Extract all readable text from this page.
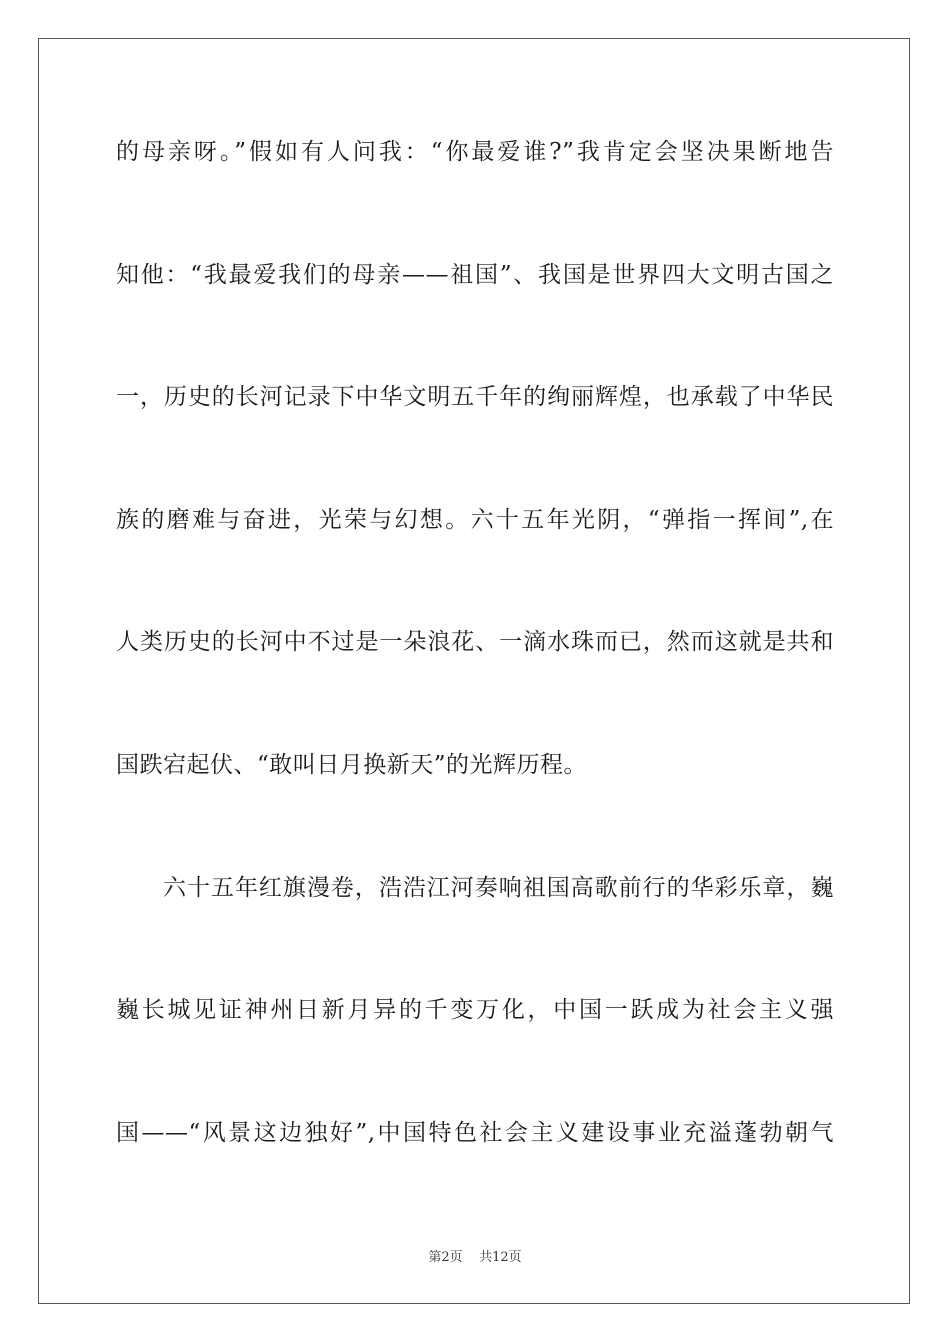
的母亲呀。”假如有人问我：“你最爱谁?”我肯定会坚决果断地告
知他：“我最爱我们的母亲——祖国”、我国是世界四大文明古国之
一，历史的长河记录下中华文明五千年的绚丽辉煌，也承载了中华民
族的磨难与奋进，光荣与幻想。六十五年光阴，“弹指一挥间”,在
人类历史的长河中不过是一朵浪花、一滴水珠而已，然而这就是共和
国跌宕起伏、“敢叫日月换新天”的光辉历程。
六十五年红旗漫卷，浩浩江河奏响祖国高歌前行的华彩乐章，巍
巍长城见证神州日新月异的千变万化，中国一跃成为社会主义强
国——“风景这边独好”,中国特色社会主义建设事业充溢蓬勃朝气
第2页 共12页
